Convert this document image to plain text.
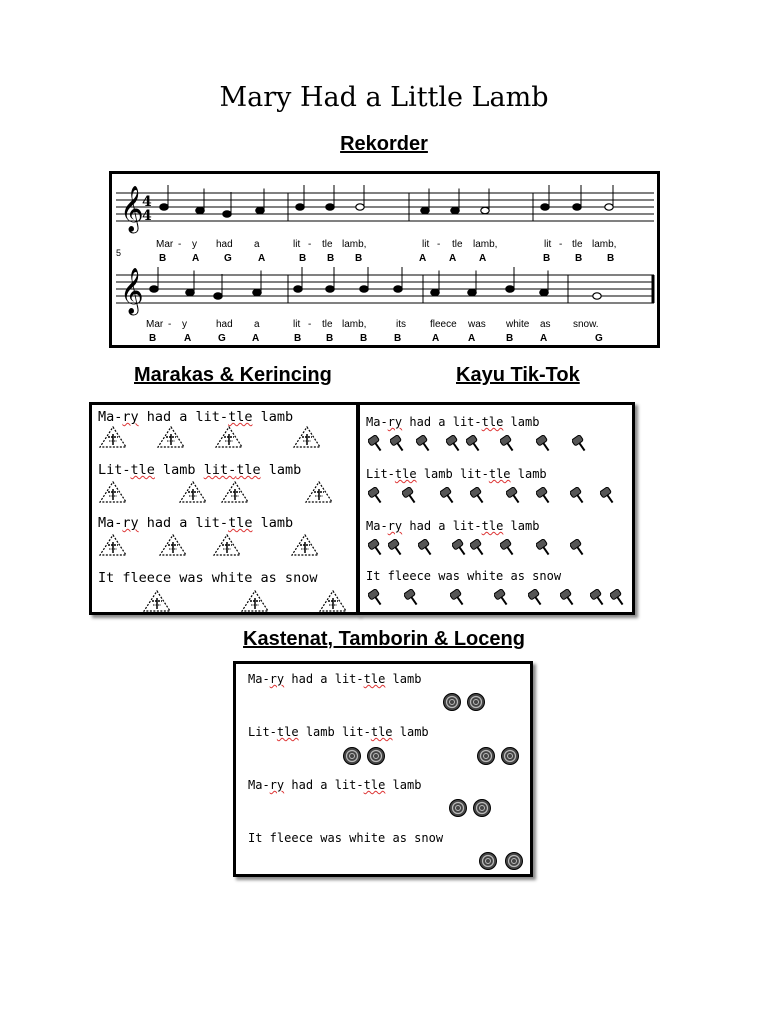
Mary Had a Little Lamb
Rekorder
𝄞
𝄞
4
4
Mar - y had a	lit - tle lamb,	lit - tle lamb,	lit - tle lamb,
B	A G	A	B B B	A A A	B B B
Mar - y	had a	lit - tle lamb,	its fleece was white as snow.
B	A	G	A	B B	B	B	A	A	B	A	G
5
Marakas & Kerincing	Kayu Tik-Tok
Ma-ry had a lit-tle lamb
Lit-tle lamb lit-tle lamb
Ma-ry had a lit-tle lamb
It fleece was white as snow
Ma-ry had a lit-tle lamb
Lit-tle lamb lit-tle lamb
Ma-ry had a lit-tle lamb
It fleece was white as snow
Kastenat, Tamborin & Loceng
Ma-ry had a lit-tle lamb
Lit-tle lamb lit-tle lamb
Ma-ry had a lit-tle lamb
It fleece was white as snow
